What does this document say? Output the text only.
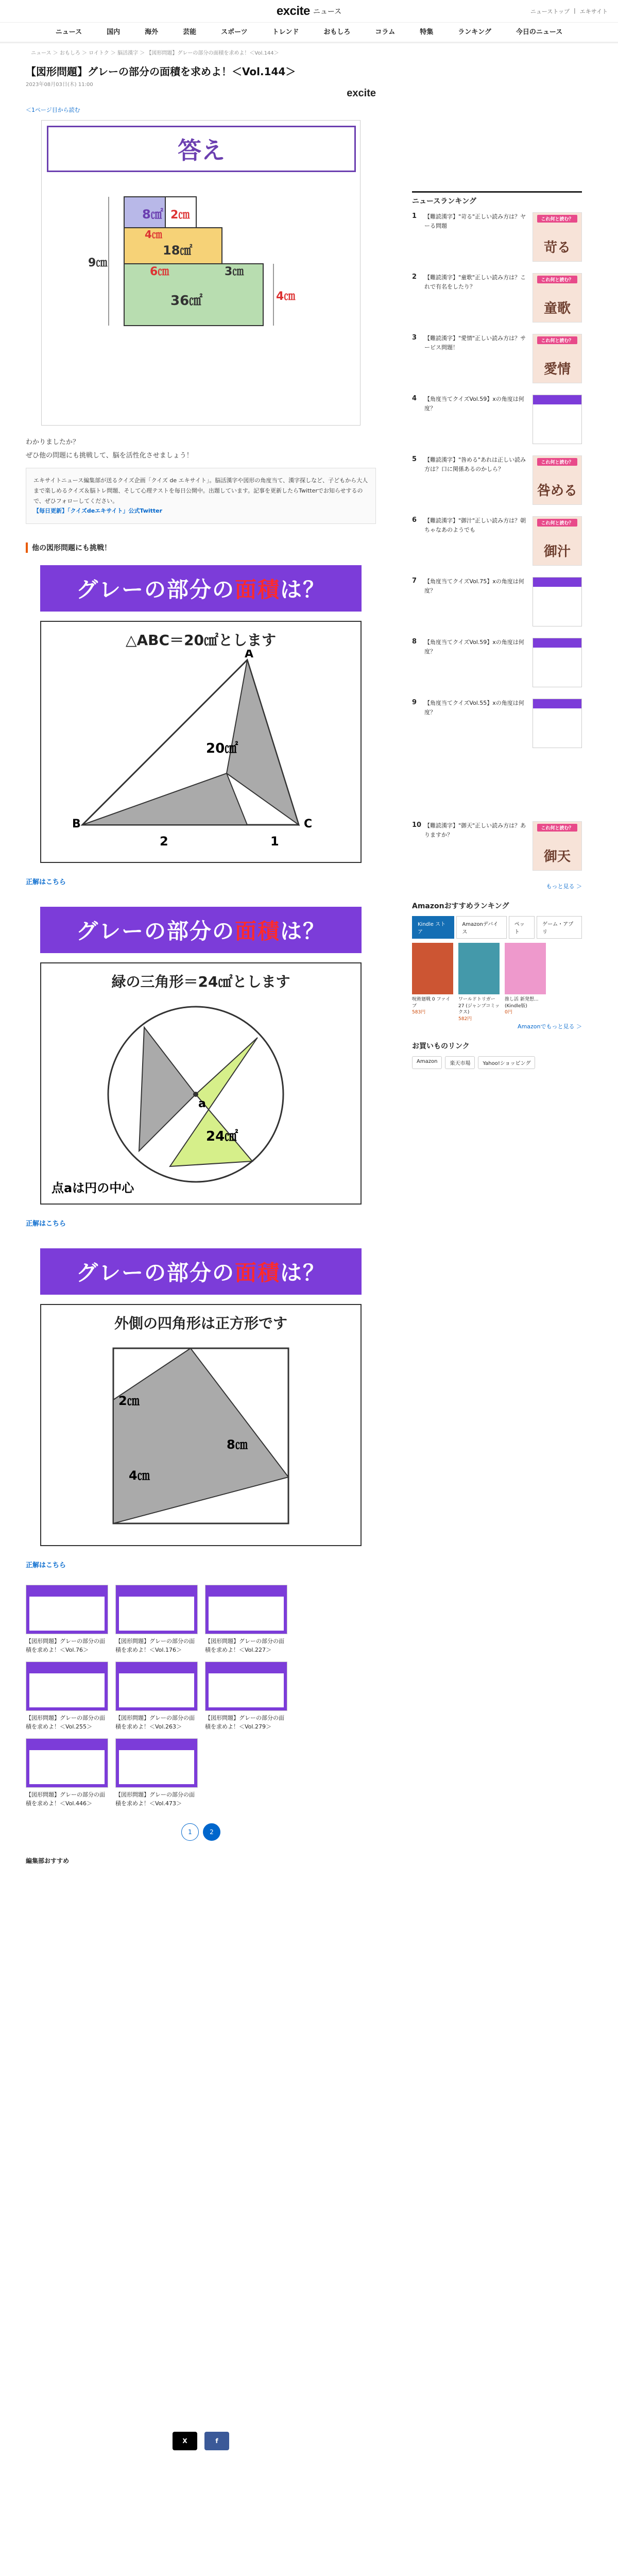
excite ニュース	ニューストップ | エキサイト
ニュース	国内	海外	芸能	スポーツ	トレンド	おもしろ	コラム	特集	ランキング	今日のニュース
ニュース ＞ おもしろ ＞ ロイトク ＞ 脳活漢字 ＞ 【図形問題】グレーの部分の面積を求めよ！＜Vol.144＞
【図形問題】グレーの部分の面積を求めよ！＜Vol.144＞
2023年08月03日(木) 11:00
excite
＜1ページ目から読む
答え
8㎠ 2㎝
4㎝
18㎠
9㎝
6㎝	3㎝
36㎠	4㎝

わかりましたか？
ぜひ他の問題にも挑戦して、脳を活性化させましょう！

エキサイトニュース編集部が送るクイズ企画「クイズ de エキサイト」。脳活漢字や図形の角度当て、漢字探しなど、子どもから大人まで楽しめるクイズ＆脳トレ問題、そして心理テストを毎日公開中。出題しています。記事を更新したらTwitterでお知らせするので、ぜひフォローしてください。
【毎日更新】「クイズdeエキサイト」公式Twitter
他の図形問題にも挑戦！
グレーの部分の 面積 は？
△ABC＝20㎠とします
A
B	C
20㎠
2	1
正解はこちら
グレーの部分の 面積 は？
緑の三角形＝24㎠とします
a
24㎠
点aは円の中心
正解はこちら
グレーの部分の 面積 は？
外側の四角形は正方形です
2㎝
8㎝
4㎝
正解はこちら
【図形問題】グレーの部分の面積を求めよ！＜Vol.76＞
【図形問題】グレーの部分の面積を求めよ！＜Vol.176＞
【図形問題】グレーの部分の面積を求めよ！＜Vol.227＞
【図形問題】グレーの部分の面積を求めよ！＜Vol.255＞
【図形問題】グレーの部分の面積を求めよ！＜Vol.263＞
【図形問題】グレーの部分の面積を求めよ！＜Vol.279＞
【図形問題】グレーの部分の面積を求めよ！＜Vol.446＞
【図形問題】グレーの部分の面積を求めよ！＜Vol.473＞
1	2
編集部おすすめ
X	f
ニュースランキング
1	【難読漢字】"苛る"正しい読み方は？ヤーる問題
これ何と読む？
苛る
2	【難読漢字】"童歌"正しい読み方は？これで有名をしたり？
これ何と読む？
童歌
3	【難読漢字】"愛情"正しい読み方は？サービス問題！
これ何と読む？
愛情
4	【角度当てクイズVol.59】xの角度は何度？
5	【難読漢字】"咎める"あれは正しい読み方は？口に関係あるのかしら？
これ何と読む？
咎める
6	【難読漢字】"御汁"正しい読み方は？朝ちゃなあのようでも
これ何と読む？
御汁
7	【角度当てクイズVol.75】xの角度は何度？
8	【角度当てクイズVol.59】xの角度は何度？
9	【角度当てクイズVol.55】xの角度は何度？
10 【難読漢字】"御天"正しい読み方は？ありますか？
これ何と読む？
御天
もっと見る ＞
Amazonおすすめランキング
Kindle ストア
Amazonデバイス
ペット
ゲーム・アプリ
呪術廻戦 0 ファイブ
583円
ワールドトリガー 27 (ジャンプコミックス)
582円
推し活 新発想...(Kindle版)
0円
Amazonでもっと見る ＞
お買いものリンク
Amazon	楽天市場	Yahoo!ショッピング
